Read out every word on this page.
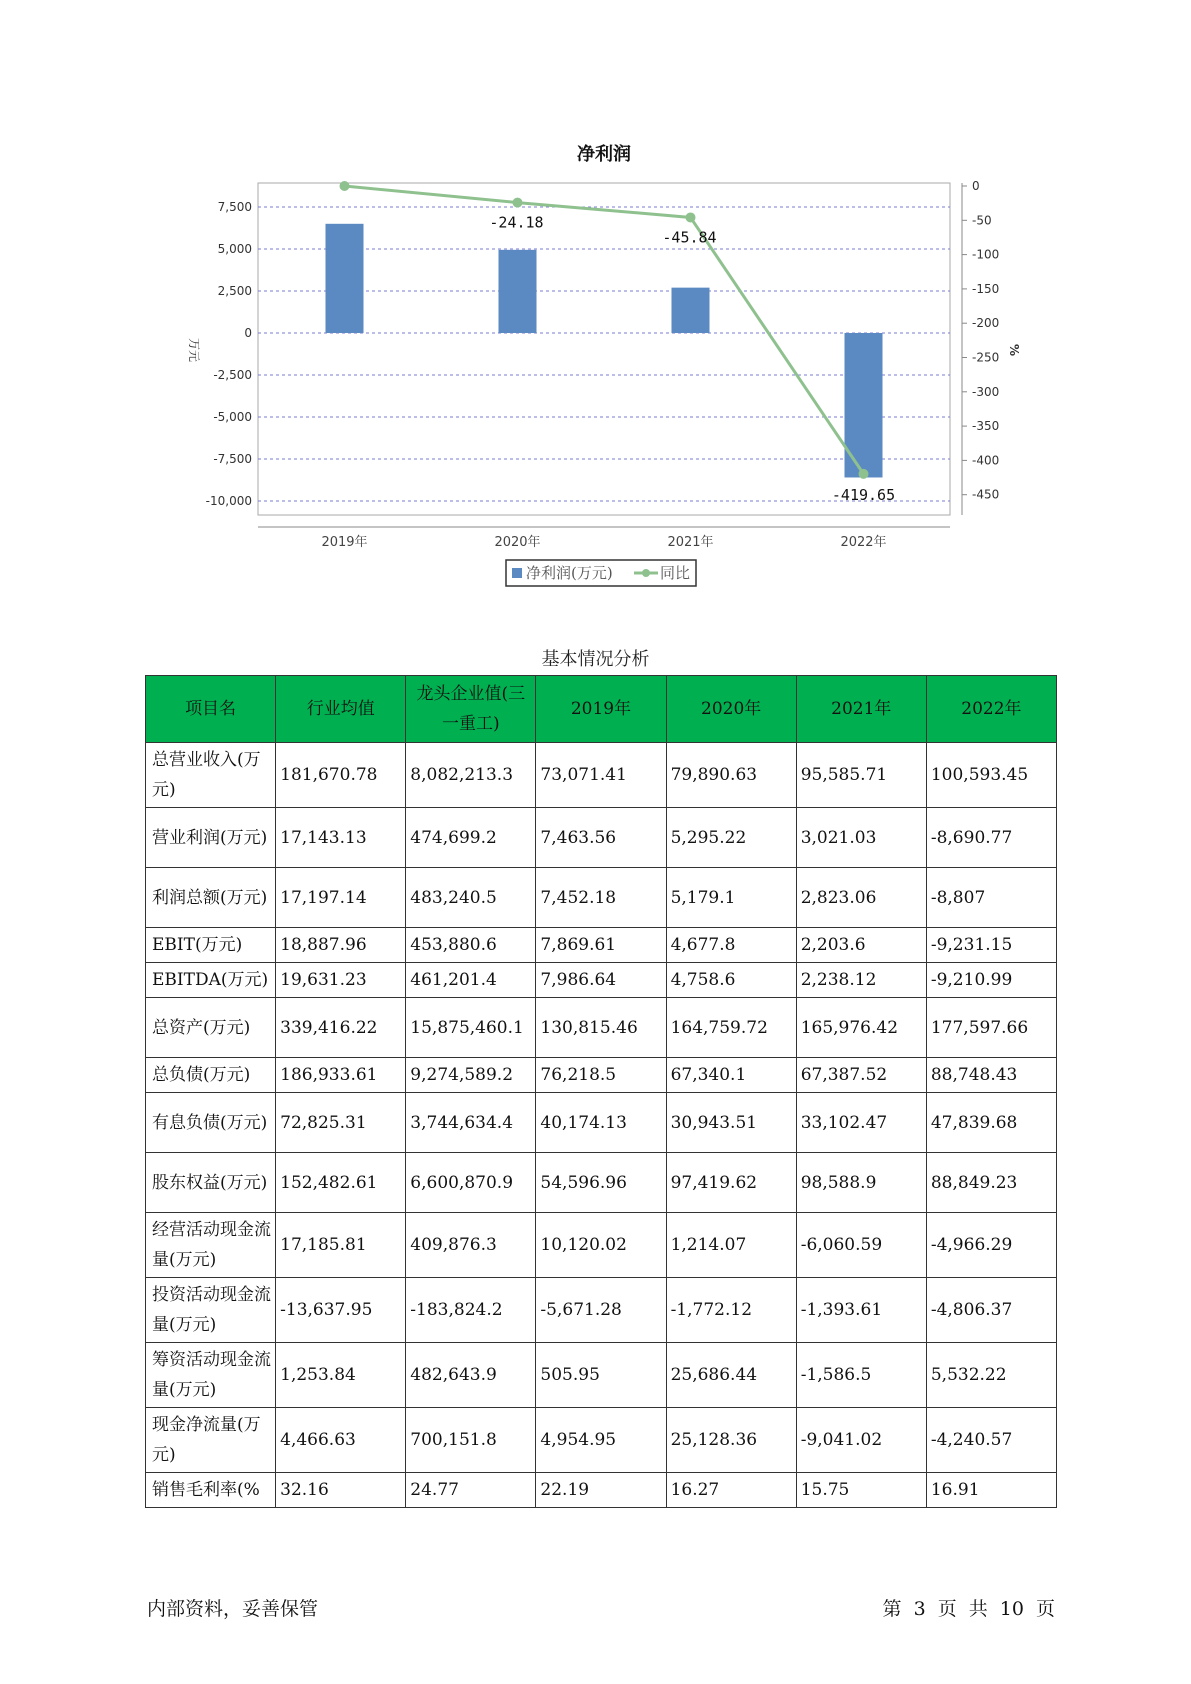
7,500
5,000
2,500
0
-2,500
-5,000
-7,500
-10,000
0
-50
-100
-150
-200
-250
-300
-350
-400
-450
2019年	2020年	2021年	2022年
净利润
万元	%
-24.18
-45.84
-419.65
净利润(万元)	同比
基本情况分析
项目名	行业均值	龙头企业值(三一重工)	2019年	2020年	2021年	2022年
总营业收入(万元)	181,670.78	8,082,213.3	73,071.41	79,890.63	95,585.71	100,593.45
营业利润(万元)	17,143.13	474,699.2	7,463.56	5,295.22	3,021.03	-8,690.77
利润总额(万元)	17,197.14	483,240.5	7,452.18	5,179.1	2,823.06	-8,807
EBIT(万元)	18,887.96	453,880.6	7,869.61	4,677.8	2,203.6	-9,231.15
EBITDA(万元)	19,631.23	461,201.4	7,986.64	4,758.6	2,238.12	-9,210.99
总资产(万元)	339,416.22	15,875,460.1	130,815.46	164,759.72	165,976.42	177,597.66
总负债(万元)	186,933.61	9,274,589.2	76,218.5	67,340.1	67,387.52	88,748.43
有息负债(万元)	72,825.31	3,744,634.4	40,174.13	30,943.51	33,102.47	47,839.68
股东权益(万元)	152,482.61	6,600,870.9	54,596.96	97,419.62	98,588.9	88,849.23
经营活动现金流量(万元)	17,185.81	409,876.3	10,120.02	1,214.07	-6,060.59	-4,966.29
投资活动现金流量(万元)	-13,637.95	-183,824.2	-5,671.28	-1,772.12	-1,393.61	-4,806.37
筹资活动现金流量(万元)	1,253.84	482,643.9	505.95	25,686.44	-1,586.5	5,532.22
现金净流量(万元)	4,466.63	700,151.8	4,954.95	25,128.36	-9,041.02	-4,240.57
销售毛利率(%	32.16	24.77	22.19	16.27	15.75	16.91
内部资料，妥善保管	第 3 页 共 10 页
